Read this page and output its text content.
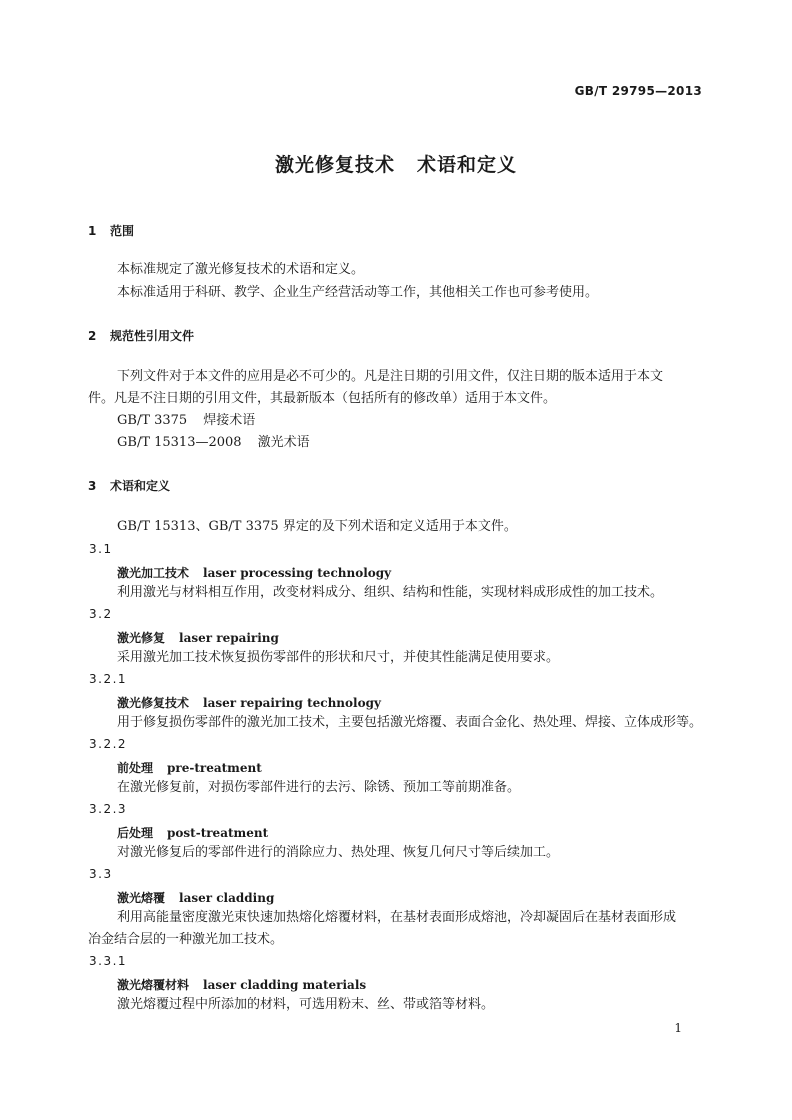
GB/T 29795—2013
激光修复技术 术语和定义
1 范围
本标准规定了激光修复技术的术语和定义。
本标准适用于科研、教学、企业生产经营活动等工作，其他相关工作也可参考使用。
2 规范性引用文件
下列文件对于本文件的应用是必不可少的。凡是注日期的引用文件，仅注日期的版本适用于本文
件。凡是不注日期的引用文件，其最新版本（包括所有的修改单）适用于本文件。
GB/T 3375 焊接术语
GB/T 15313—2008 激光术语
3 术语和定义
GB/T 15313、GB/T 3375 界定的及下列术语和定义适用于本文件。
3.1
激光加工技术 laser processing technology
利用激光与材料相互作用，改变材料成分、组织、结构和性能，实现材料成形成性的加工技术。
3.2
激光修复 laser repairing
采用激光加工技术恢复损伤零部件的形状和尺寸，并使其性能满足使用要求。
3.2.1
激光修复技术 laser repairing technology
用于修复损伤零部件的激光加工技术，主要包括激光熔覆、表面合金化、热处理、焊接、立体成形等。
3.2.2
前处理 pre-treatment
在激光修复前，对损伤零部件进行的去污、除锈、预加工等前期准备。
3.2.3
后处理 post-treatment
对激光修复后的零部件进行的消除应力、热处理、恢复几何尺寸等后续加工。
3.3
激光熔覆 laser cladding
利用高能量密度激光束快速加热熔化熔覆材料，在基材表面形成熔池，冷却凝固后在基材表面形成
冶金结合层的一种激光加工技术。
3.3.1
激光熔覆材料 laser cladding materials
激光熔覆过程中所添加的材料，可选用粉末、丝、带或箔等材料。
1
